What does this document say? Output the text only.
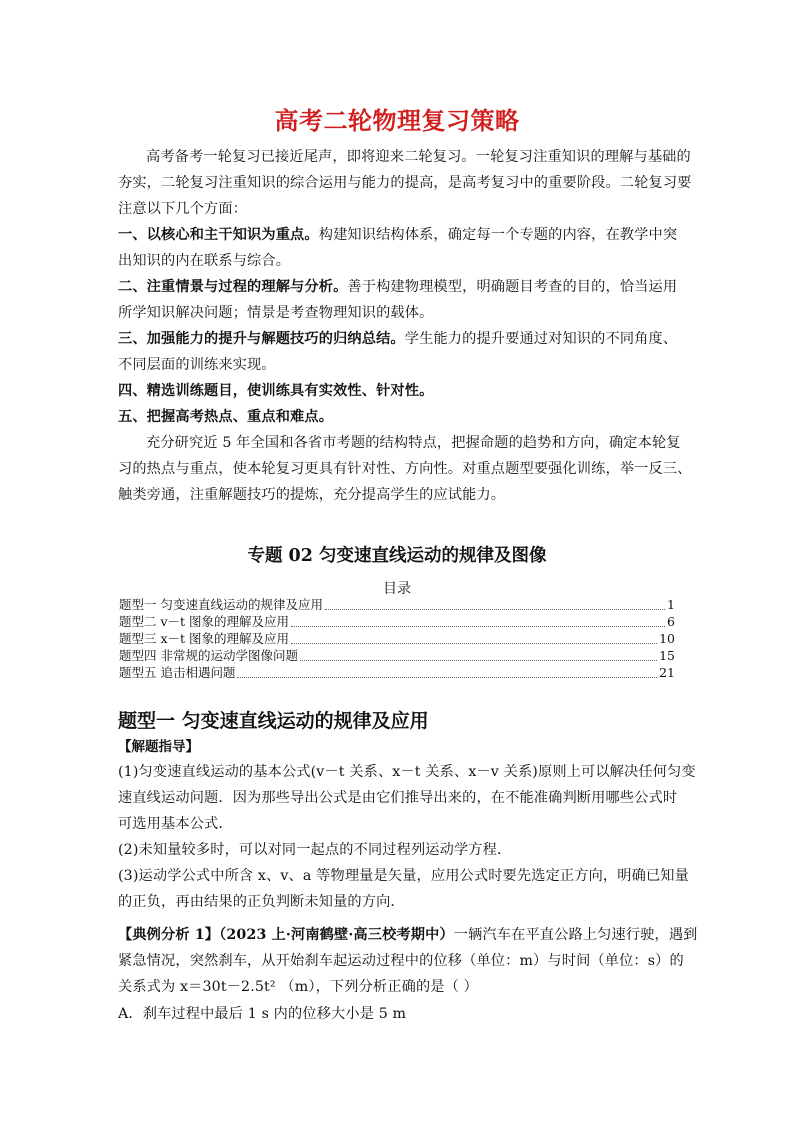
高考二轮物理复习策略
高考备考一轮复习已接近尾声，即将迎来二轮复习。一轮复习注重知识的理解与基础的
夯实，二轮复习注重知识的综合运用与能力的提高，是高考复习中的重要阶段。二轮复习要
注意以下几个方面：
一、以核心和主干知识为重点。构建知识结构体系，确定每一个专题的内容，在教学中突
出知识的内在联系与综合。
二、注重情景与过程的理解与分析。善于构建物理模型，明确题目考查的目的，恰当运用
所学知识解决问题；情景是考查物理知识的载体。
三、加强能力的提升与解题技巧的归纳总结。学生能力的提升要通过对知识的不同角度、
不同层面的训练来实现。
四、精选训练题目，使训练具有实效性、针对性。
五、把握高考热点、重点和难点。
充分研究近 5 年全国和各省市考题的结构特点，把握命题的趋势和方向，确定本轮复
习的热点与重点，使本轮复习更具有针对性、方向性。对重点题型要强化训练，举一反三、
触类旁通，注重解题技巧的提炼，充分提高学生的应试能力。
专题 02 匀变速直线运动的规律及图像
目录
题型一 匀变速直线运动的规律及应用	1
题型二 v－t 图象的理解及应用	6
题型三 x－t 图象的理解及应用	10
题型四 非常规的运动学图像问题	15
题型五 追击相遇问题	21
题型一 匀变速直线运动的规律及应用
【解题指导】
(1)匀变速直线运动的基本公式(v－t 关系、x－t 关系、x－v 关系)原则上可以解决任何匀变
速直线运动问题．因为那些导出公式是由它们推导出来的，在不能准确判断用哪些公式时
可选用基本公式．
(2)未知量较多时，可以对同一起点的不同过程列运动学方程．
(3)运动学公式中所含 x、v、a 等物理量是矢量，应用公式时要先选定正方向，明确已知量
的正负，再由结果的正负判断未知量的方向．
【典例分析 1】（2023 上·河南鹤壁·高三校考期中）一辆汽车在平直公路上匀速行驶，遇到
紧急情况，突然刹车，从开始刹车起运动过程中的位移（单位：m）与时间（单位：s）的
关系式为 x＝30t－2.5t² （m），下列分析正确的是（ ）
A．刹车过程中最后 1 s 内的位移大小是 5 m
